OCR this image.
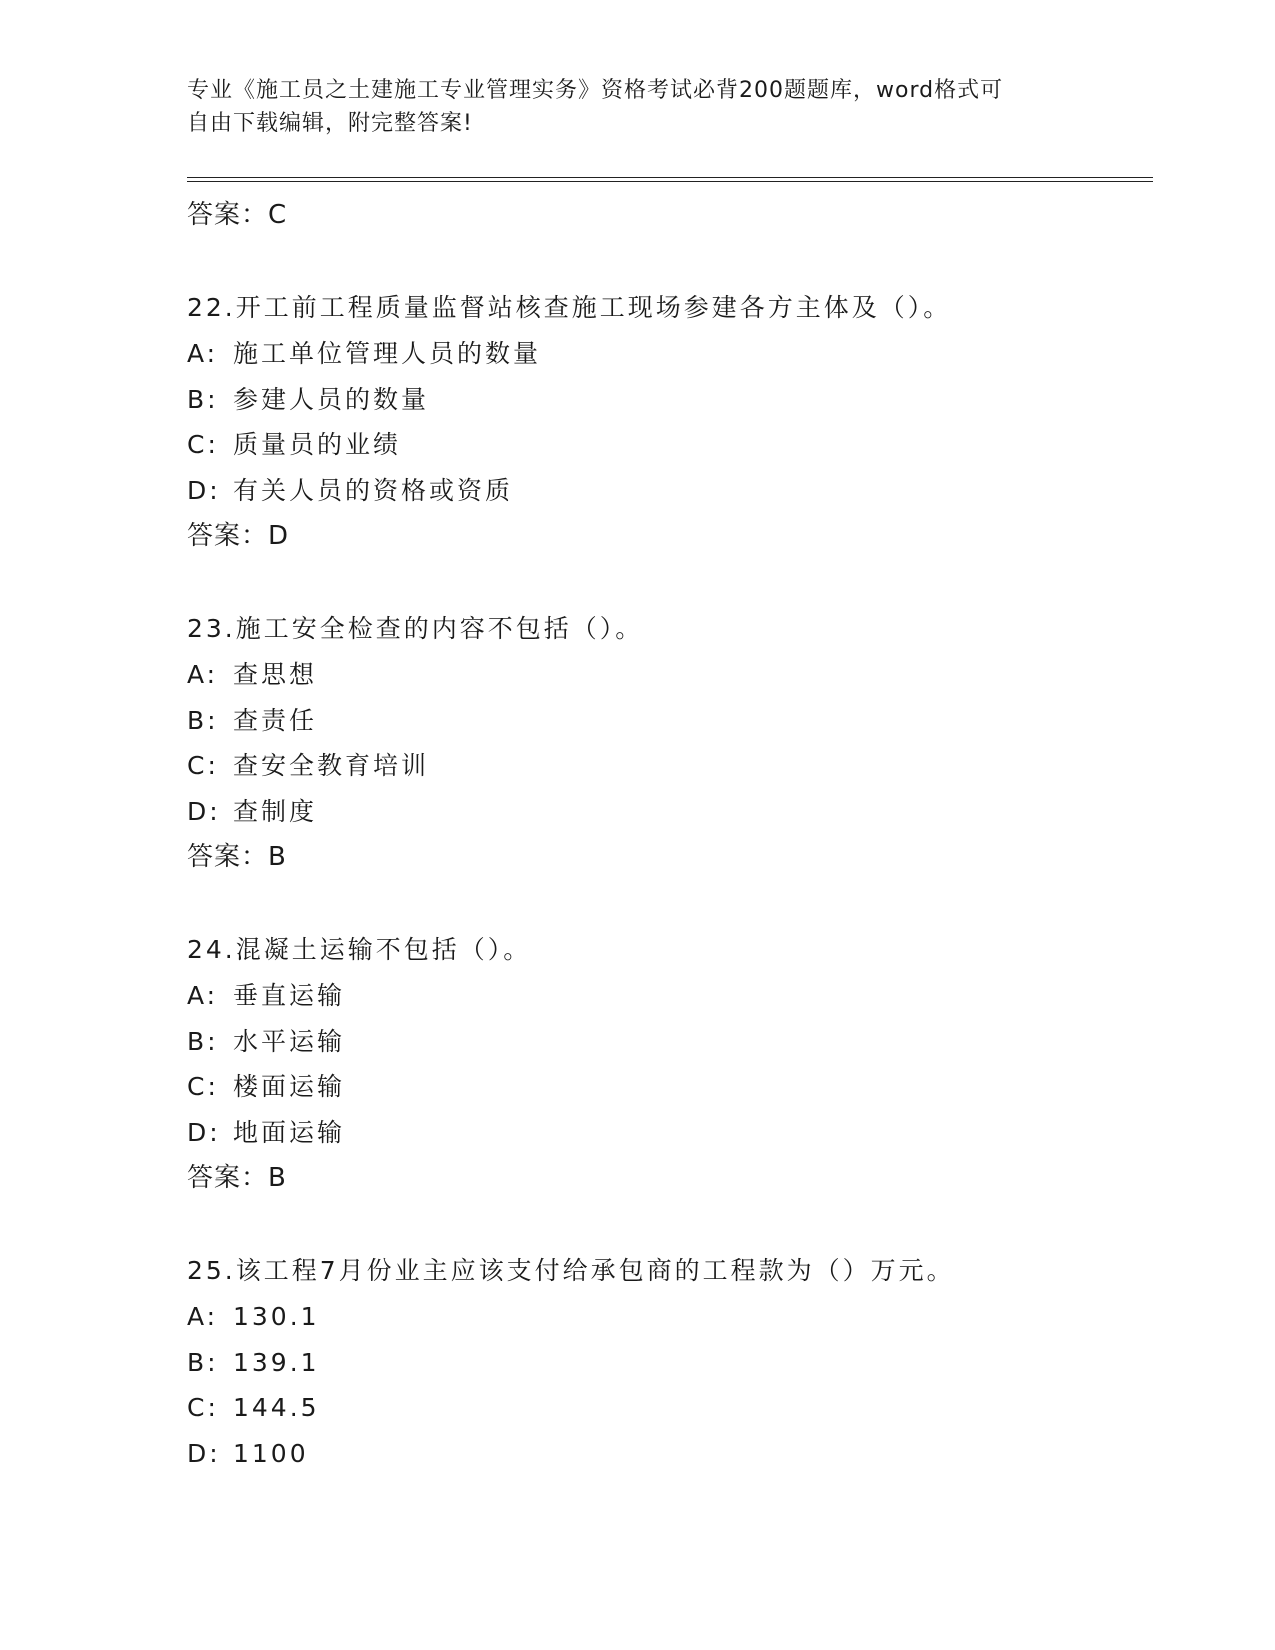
专业《施工员之土建施工专业管理实务》资格考试必背200题题库，word格式可
自由下载编辑，附完整答案!
答案：C
22.开工前工程质量监督站核查施工现场参建各方主体及（）。
A: 施工单位管理人员的数量
B: 参建人员的数量
C: 质量员的业绩
D: 有关人员的资格或资质
答案：D
23.施工安全检查的内容不包括（）。
A: 查思想
B: 查责任
C: 查安全教育培训
D: 查制度
答案：B
24.混凝土运输不包括（）。
A: 垂直运输
B: 水平运输
C: 楼面运输
D: 地面运输
答案：B
25.该工程7月份业主应该支付给承包商的工程款为（）万元。
A: 130.1
B: 139.1
C: 144.5
D: 1100
